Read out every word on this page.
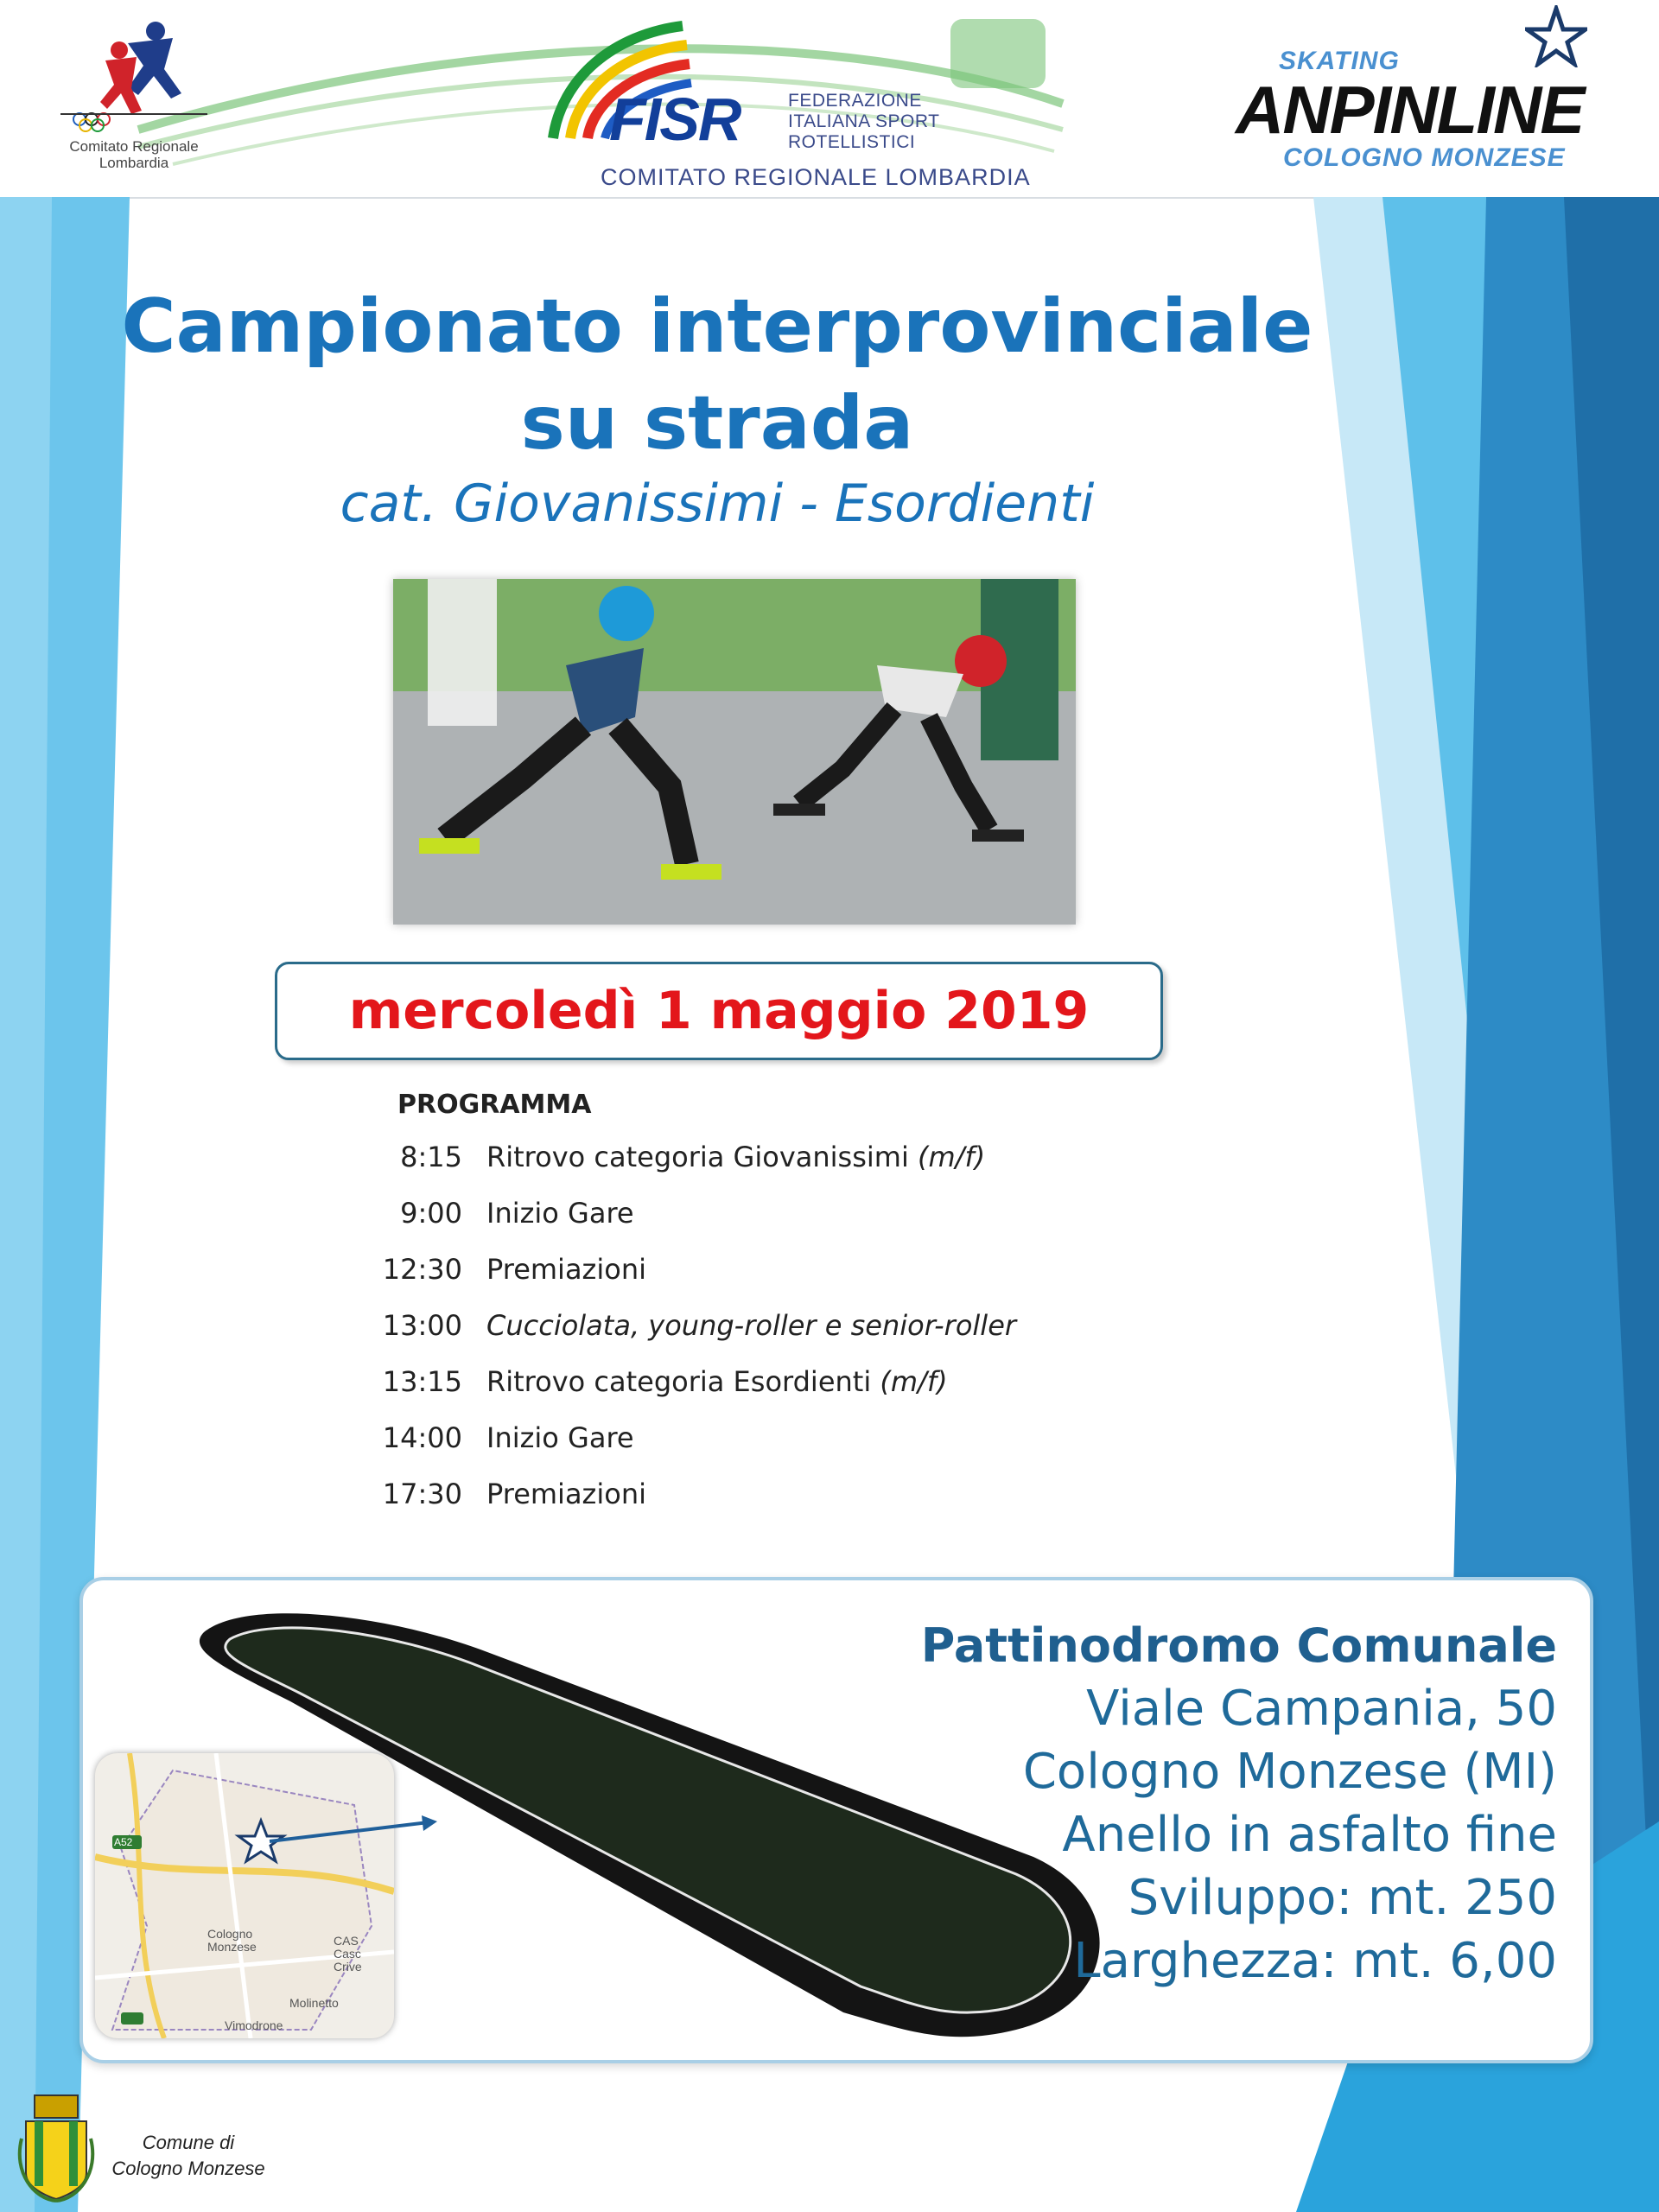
Comitato Regionale Lombardia
FISR	FEDERAZIONE ITALIANA SPORT ROTELLISTICI
COMITATO REGIONALE LOMBARDIA
SKATING
ANPINLINE
COLOGNO MONZESE
Campionato interprovinciale
su strada
cat. Giovanissimi - Esordienti
mercoledì 1 maggio 2019
PROGRAMMA
8:15 Ritrovo categoria Giovanissimi (m/f)
9:00 Inizio Gare
12:30 Premiazioni
13:00 Cucciolata, young-roller e senior-roller
13:15 Ritrovo categoria Esordienti (m/f)
14:00 Inizio Gare
17:30 Premiazioni
A52
Cologno Monzese	CAS Casc Crive
Molinetto
Vimodrone
Pattinodromo Comunale
Viale Campania, 50
Cologno Monzese (MI)
Anello in asfalto fine
Sviluppo: mt. 250
Larghezza: mt. 6,00
Comune di
Cologno Monzese
